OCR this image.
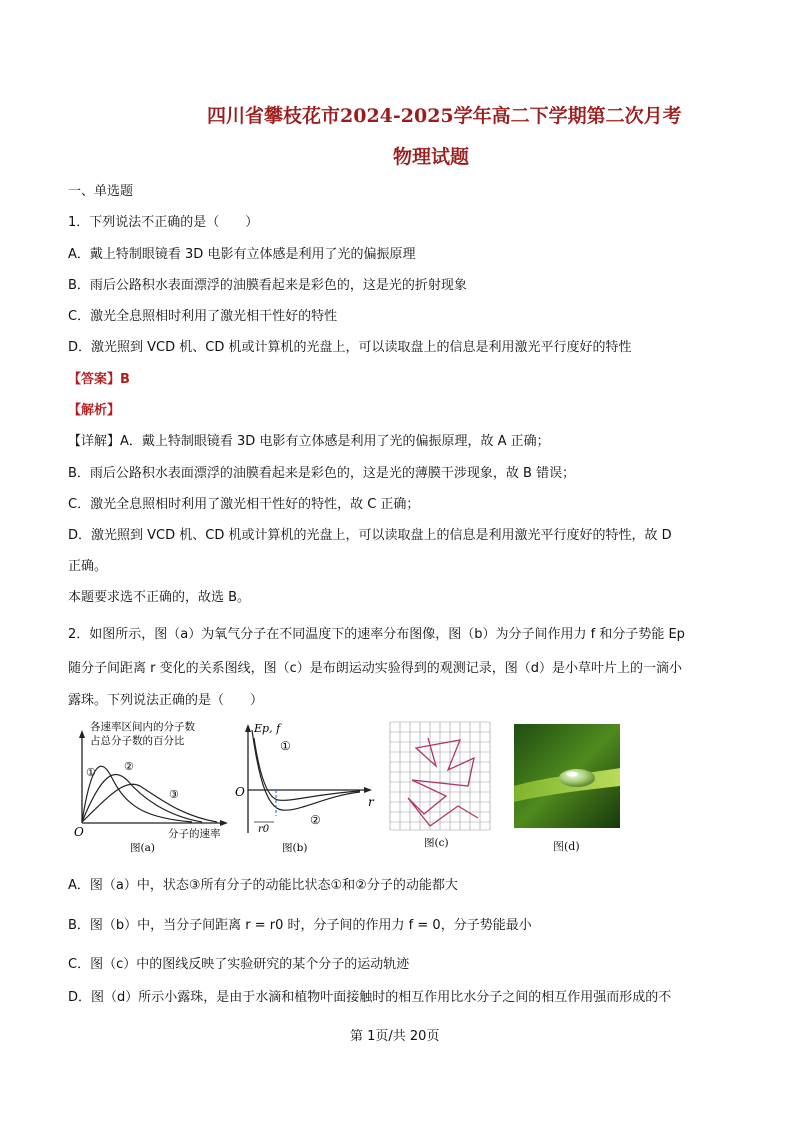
四川省攀枝花市2024-2025学年高二下学期第二次月考
物理试题
一、单选题
1．下列说法不正确的是（　　）
A．戴上特制眼镜看 3D 电影有立体感是利用了光的偏振原理
B．雨后公路积水表面漂浮的油膜看起来是彩色的，这是光的折射现象
C．激光全息照相时利用了激光相干性好的特性
D．激光照到 VCD 机、CD 机或计算机的光盘上，可以读取盘上的信息是利用激光平行度好的特性
【答案】B
【解析】
【详解】A．戴上特制眼镜看 3D 电影有立体感是利用了光的偏振原理，故 A 正确；
B．雨后公路积水表面漂浮的油膜看起来是彩色的，这是光的薄膜干涉现象，故 B 错误；
C．激光全息照相时利用了激光相干性好的特性，故 C 正确；
D．激光照到 VCD 机、CD 机或计算机的光盘上，可以读取盘上的信息是利用激光平行度好的特性，故 D
正确。
本题要求选不正确的，故选 B。
2．如图所示，图（a）为氧气分子在不同温度下的速率分布图像，图（b）为分子间作用力 f 和分子势能 Ep
随分子间距离 r 变化的关系图线，图（c）是布朗运动实验得到的观测记录，图（d）是小草叶片上的一滴小
露珠。下列说法正确的是（　　）
①	②
③
各速率区间内的分子数
占总分子数的百分比
O	分子的速率
图(a)
Ep, f
①
②
O
r
r0
图(b)	图(c)	图(d)
A．图（a）中，状态③所有分子的动能比状态①和②分子的动能都大
B．图（b）中，当分子间距离 r = r0 时，分子间的作用力 f = 0，分子势能最小
C．图（c）中的图线反映了实验研究的某个分子的运动轨迹
D．图（d）所示小露珠，是由于水滴和植物叶面接触时的相互作用比水分子之间的相互作用强而形成的不
第 1页/共 20页
